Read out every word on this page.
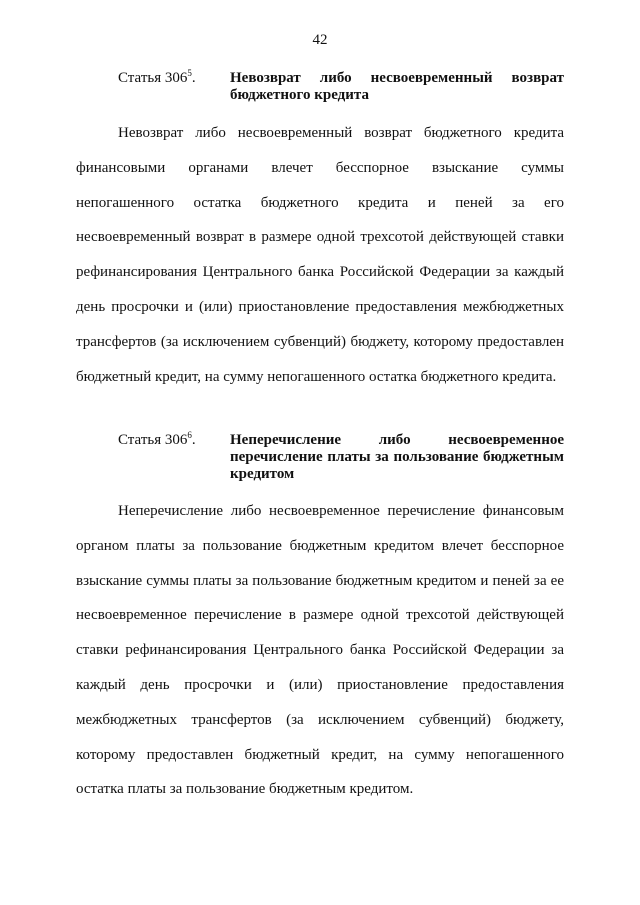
42
Статья $306^5$.	Невозврат либо несвоевременный возврат бюджетного кредита

Невозврат либо несвоевременный возврат бюджетного кредита финансовыми органами влечет бесспорное взыскание суммы непогашенного остатка бюджетного кредита и пеней за его несвоевременный возврат в размере одной трехсотой действующей ставки рефинансирования Центрального банка Российской Федерации за каждый день просрочки и (или) приостановление предоставления межбюджетных трансфертов (за исключением субвенций) бюджету, которому предоставлен бюджетный кредит, на сумму непогашенного остатка бюджетного кредита.

Статья $306^6$.	Неперечисление либо несвоевременное перечисление платы за пользование бюджетным кредитом

Неперечисление либо несвоевременное перечисление финансовым органом платы за пользование бюджетным кредитом влечет бесспорное взыскание суммы платы за пользование бюджетным кредитом и пеней за ее несвоевременное перечисление в размере одной трехсотой действующей ставки рефинансирования Центрального банка Российской Федерации за каждый день просрочки и (или) приостановление предоставления межбюджетных трансфертов (за исключением субвенций) бюджету, которому предоставлен бюджетный кредит, на сумму непогашенного остатка платы за пользование бюджетным кредитом.
